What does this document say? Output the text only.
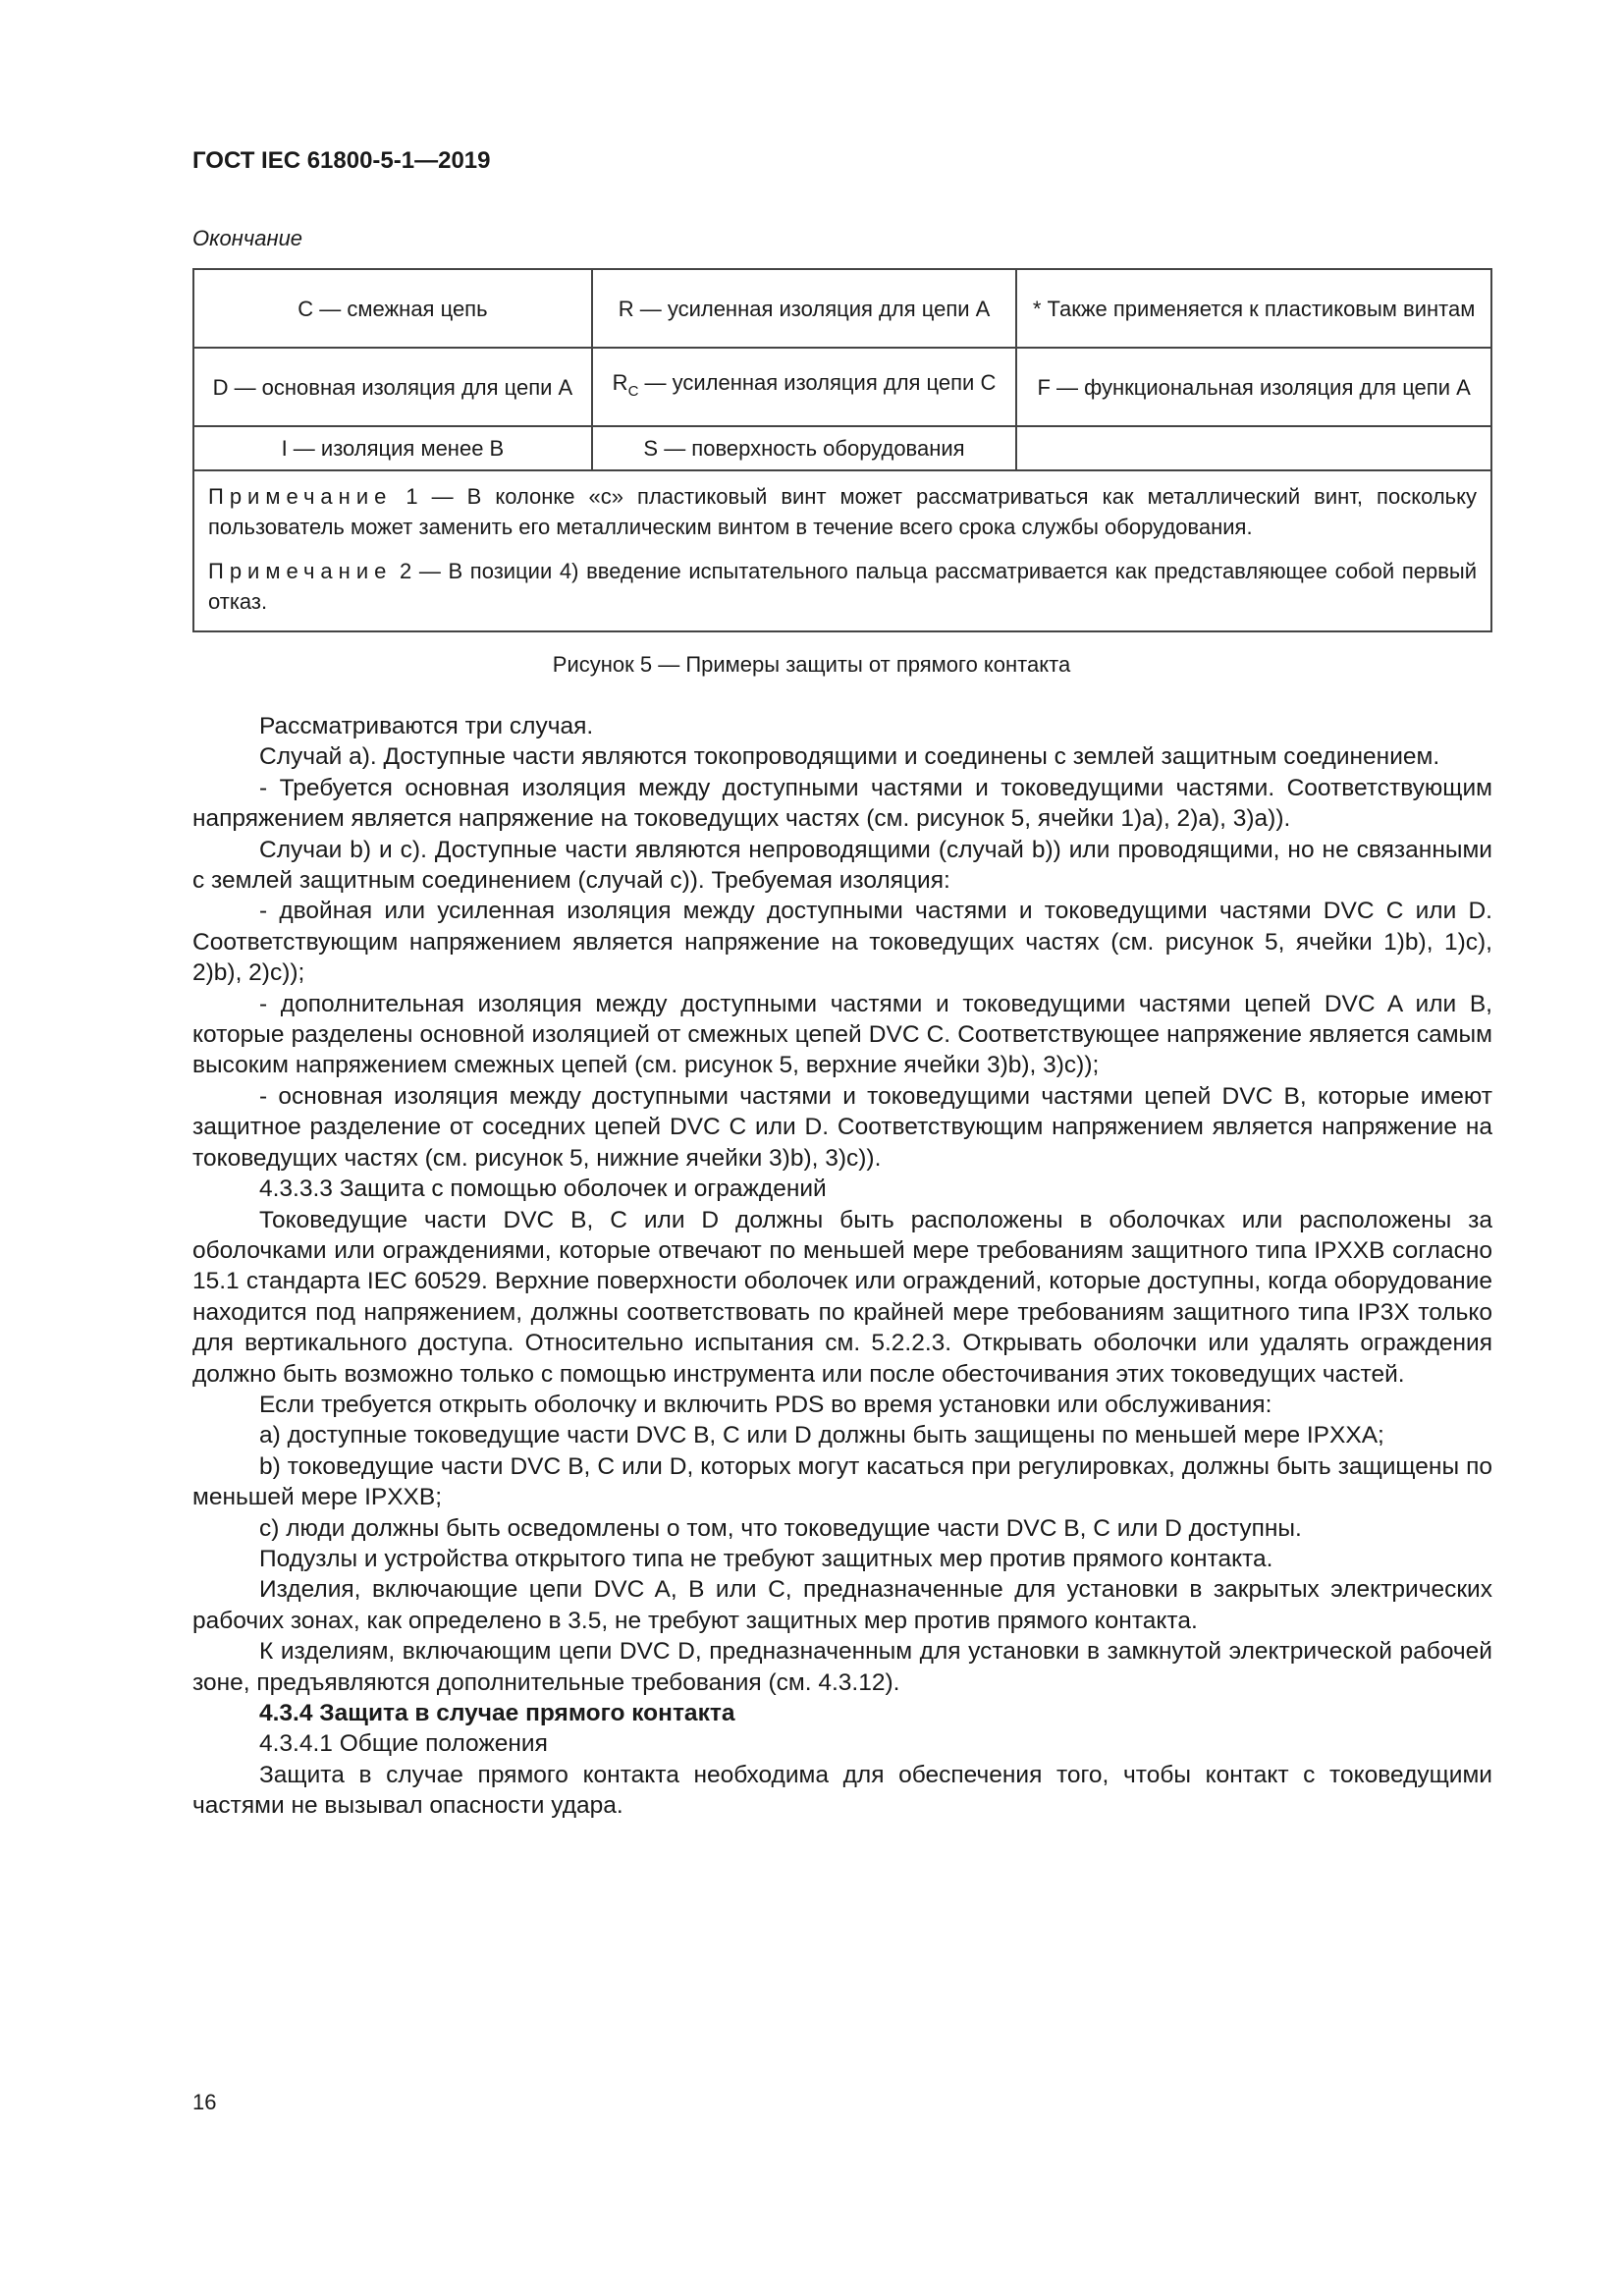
ГОСТ IEC 61800-5-1—2019
Окончание
С — смежная цепь	R — усиленная изоляция для цепи А	* Также применяется к пластиковым винтам
D — основная изоляция для цепи А	$R_C$ — усиленная изоляция для цепи С	F — функциональная изоляция для цепи А
I — изоляция менее В	S — поверхность оборудования	

Примечание 1 — В колонке «с» пластиковый винт может рассматриваться как металлический винт, поскольку пользователь может заменить его металлическим винтом в течение всего срока службы оборудования.

Примечание 2 — В позиции 4) введение испытательного пальца рассматривается как представляющее собой первый отказ.		

Рисунок 5 — Примеры защиты от прямого контакта

Рассматриваются три случая.

Случай а). Доступные части являются токопроводящими и соединены с землей защитным соединением.

- Требуется основная изоляция между доступными частями и токоведущими частями. Соответствующим напряжением является напряжение на токоведущих частях (см. рисунок 5, ячейки 1)a), 2)a), 3)a)).

Случаи b) и c). Доступные части являются непроводящими (случай b)) или проводящими, но не связанными с землей защитным соединением (случай c)). Требуемая изоляция:

- двойная или усиленная изоляция между доступными частями и токоведущими частями DVC C или D. Соответствующим напряжением является напряжение на токоведущих частях (см. рисунок 5, ячейки 1)b), 1)c), 2)b), 2)c));

- дополнительная изоляция между доступными частями и токоведущими частями цепей DVC A или B, которые разделены основной изоляцией от смежных цепей DVC C. Соответствующее напряжение является самым высоким напряжением смежных цепей (см. рисунок 5, верхние ячейки 3)b), 3)c));

- основная изоляция между доступными частями и токоведущими частями цепей DVC B, которые имеют защитное разделение от соседних цепей DVC C или D. Соответствующим напряжением является напряжение на токоведущих частях (см. рисунок 5, нижние ячейки 3)b), 3)c)).

4.3.3.3 Защита с помощью оболочек и ограждений

Токоведущие части DVC B, C или D должны быть расположены в оболочках или расположены за оболочками или ограждениями, которые отвечают по меньшей мере требованиям защитного типа IPXXB согласно 15.1 стандарта IEC 60529. Верхние поверхности оболочек или ограждений, которые доступны, когда оборудование находится под напряжением, должны соответствовать по крайней мере требованиям защитного типа IP3X только для вертикального доступа. Относительно испытания см. 5.2.2.3. Открывать оболочки или удалять ограждения должно быть возможно только с помощью инструмента или после обесточивания этих токоведущих частей.

Если требуется открыть оболочку и включить PDS во время установки или обслуживания:

a) доступные токоведущие части DVC B, C или D должны быть защищены по меньшей мере IPXXA;

b) токоведущие части DVC B, C или D, которых могут касаться при регулировках, должны быть защищены по меньшей мере IPXXB;

c) люди должны быть осведомлены о том, что токоведущие части DVC B, C или D доступны.

Подузлы и устройства открытого типа не требуют защитных мер против прямого контакта.

Изделия, включающие цепи DVC A, B или C, предназначенные для установки в закрытых электрических рабочих зонах, как определено в 3.5, не требуют защитных мер против прямого контакта.

К изделиям, включающим цепи DVC D, предназначенным для установки в замкнутой электрической рабочей зоне, предъявляются дополнительные требования (см. 4.3.12).

4.3.4 Защита в случае прямого контакта

4.3.4.1 Общие положения

Защита в случае прямого контакта необходима для обеспечения того, чтобы контакт с токоведущими частями не вызывал опасности удара.

16
